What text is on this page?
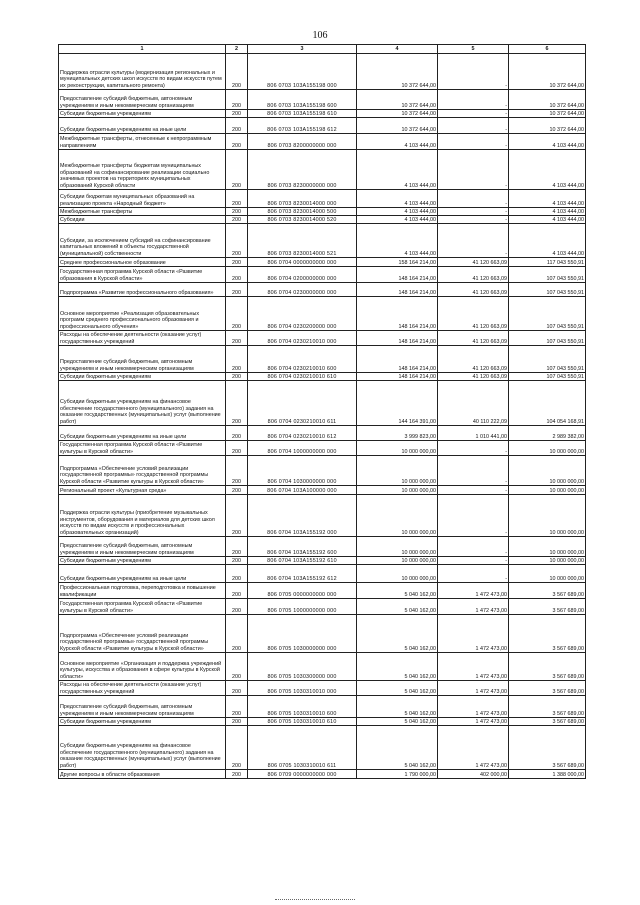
106
1	2	3	4	5	6
Поддержка отрасли культуры (модернизация региональных и муниципальных детских школ искусств по видам искусств путем их реконструкции, капитального ремонта)	200	806 0703 103A155198 000	10 372 644,00	-	10 372 644,00
Предоставление субсидий бюджетным, автономным учреждениям и иным некоммерческим организациям	200	806 0703 103A155198 600	10 372 644,00	-	10 372 644,00
Субсидии бюджетным учреждениям	200	806 0703 103A155198 610	10 372 644,00	-	10 372 644,00
Субсидии бюджетным учреждениям на иные цели	200	806 0703 103A155198 612	10 372 644,00	-	10 372 644,00
Межбюджетные трансферты, отнесенные к непрограммным направлениям	200	806 0703 8200000000 000	4 103 444,00	-	4 103 444,00
Межбюджетные трансферты бюджетам муниципальных образований на софинансирование реализации социально значимых проектов на территориях муниципальных образований Курской области	200	806 0703 8230000000 000	4 103 444,00	-	4 103 444,00
Субсидии бюджетам муниципальных образований на реализацию проекта «Народный бюджет»	200	806 0703 8230014000 000	4 103 444,00	-	4 103 444,00
Межбюджетные трансферты	200	806 0703 8230014000 500	4 103 444,00	-	4 103 444,00
Субсидии	200	806 0703 8230014000 520	4 103 444,00	-	4 103 444,00
Субсидии, за исключением субсидий на софинансирование капитальных вложений в объекты государственной (муниципальной) собственности	200	806 0703 8230014000 521	4 103 444,00	-	4 103 444,00
Среднее профессиональное образование	200	806 0704 0000000000 000	158 164 214,00	41 120 663,09	117 043 550,91
Государственная программа Курской области «Развитие образования в Курской области»	200	806 0704 0200000000 000	148 164 214,00	41 120 663,09	107 043 550,91
Подпрограмма «Развитие профессионального образования»	200	806 0704 0230000000 000	148 164 214,00	41 120 663,09	107 043 550,91
Основное мероприятие «Реализация образовательных программ среднего профессионального образования и профессионального обучения»	200	806 0704 0230200000 000	148 164 214,00	41 120 663,09	107 043 550,91
Расходы на обеспечение деятельности (оказание услуг) государственных учреждений	200	806 0704 0230210010 000	148 164 214,00	41 120 663,09	107 043 550,91
Предоставление субсидий бюджетным, автономным учреждениям и иным некоммерческим организациям	200	806 0704 0230210010 600	148 164 214,00	41 120 663,09	107 043 550,91
Субсидии бюджетным учреждениям	200	806 0704 0230210010 610	148 164 214,00	41 120 663,09	107 043 550,91
Субсидии бюджетным учреждениям на финансовое обеспечение государственного (муниципального) задания на оказание государственных (муниципальных) услуг (выполнение работ)	200	806 0704 0230210010 611	144 164 391,00	40 110 222,09	104 054 168,91
Субсидии бюджетным учреждениям на иные цели	200	806 0704 0230210010 612	3 999 823,00	1 010 441,00	2 989 382,00
Государственная программа Курской области «Развитие культуры в Курской области»	200	806 0704 1000000000 000	10 000 000,00	-	10 000 000,00
Подпрограмма «Обеспечение условий реализации государственной программы» государственной программы Курской области «Развитие культуры в Курской области»	200	806 0704 1030000000 000	10 000 000,00	-	10 000 000,00
Региональный проект «Культурная среда»	200	806 0704 103A100000 000	10 000 000,00	-	10 000 000,00
Поддержка отрасли культуры (приобретение музыкальных инструментов, оборудования и материалов для детских школ искусств по видам искусств и профессиональных образовательных организаций)	200	806 0704 103A155192 000	10 000 000,00	-	10 000 000,00
Предоставление субсидий бюджетным, автономным учреждениям и иным некоммерческим организациям	200	806 0704 103A155192 600	10 000 000,00	-	10 000 000,00
Субсидии бюджетным учреждениям	200	806 0704 103A155192 610	10 000 000,00	-	10 000 000,00
Субсидии бюджетным учреждениям на иные цели	200	806 0704 103A155192 612	10 000 000,00	-	10 000 000,00
Профессиональная подготовка, переподготовка и повышение квалификации	200	806 0705 0000000000 000	5 040 162,00	1 472 473,00	3 567 689,00
Государственная программа Курской области «Развитие культуры в Курской области»	200	806 0705 1000000000 000	5 040 162,00	1 472 473,00	3 567 689,00
Подпрограмма «Обеспечение условий реализации государственной программы» государственной программы Курской области «Развитие культуры в Курской области»	200	806 0705 1030000000 000	5 040 162,00	1 472 473,00	3 567 689,00
Основное мероприятие «Организация и поддержка учреждений культуры, искусства и образования в сфере культуры в Курской области»	200	806 0705 1030300000 000	5 040 162,00	1 472 473,00	3 567 689,00
Расходы на обеспечение деятельности (оказание услуг) государственных учреждений	200	806 0705 1030310010 000	5 040 162,00	1 472 473,00	3 567 689,00
Предоставление субсидий бюджетным, автономным учреждениям и иным некоммерческим организациям	200	806 0705 1030310010 600	5 040 162,00	1 472 473,00	3 567 689,00
Субсидии бюджетным учреждениям	200	806 0705 1030310010 610	5 040 162,00	1 472 473,00	3 567 689,00
Субсидии бюджетным учреждениям на финансовое обеспечение государственного (муниципального) задания на оказание государственных (муниципальных) услуг (выполнение работ)	200	806 0705 1030310010 611	5 040 162,00	1 472 473,00	3 567 689,00
Другие вопросы в области образования	200	806 0709 0000000000 000	1 790 000,00	402 000,00	1 388 000,00
